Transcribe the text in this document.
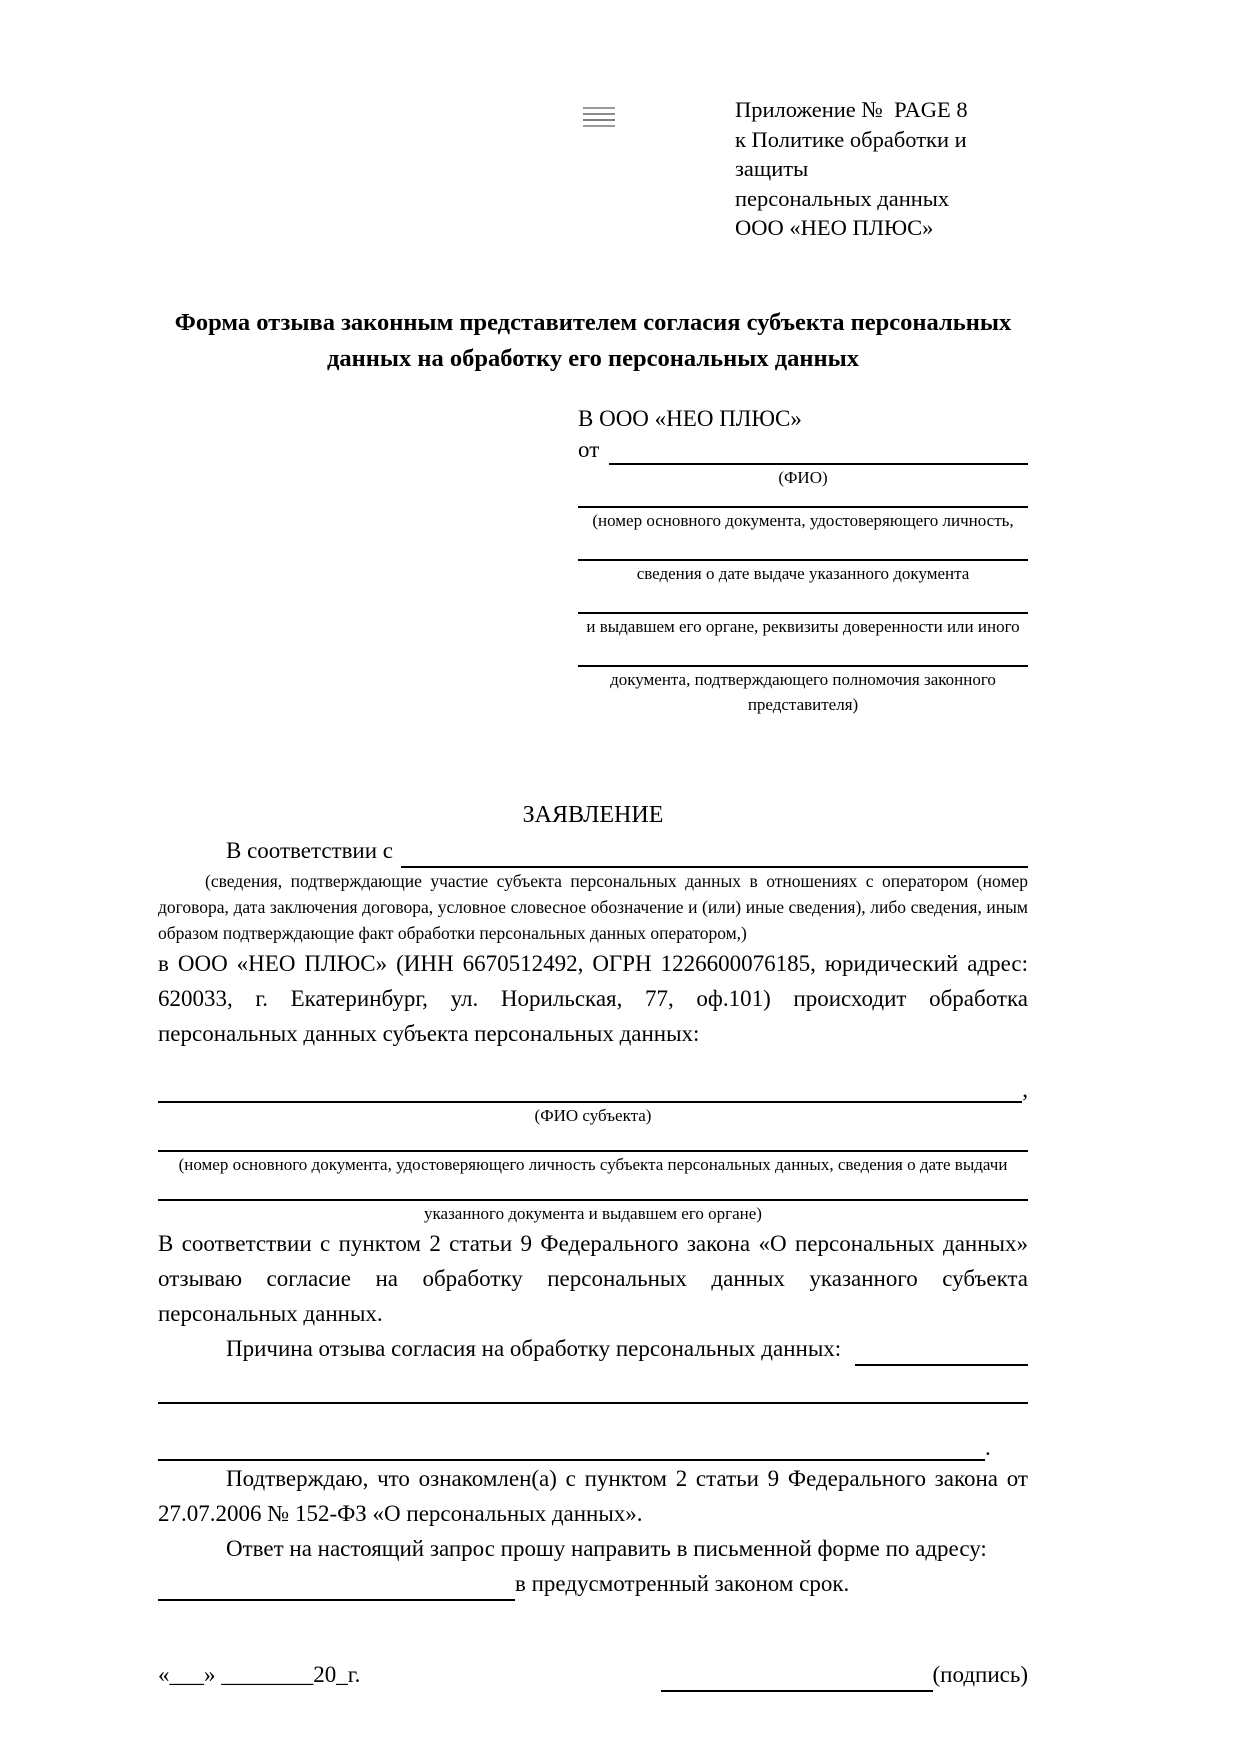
Приложение №  PAGE 8
к Политике обработки и защиты
персональных данных
ООО «НЕО ПЛЮС»
Форма отзыва законным представителем согласия субъекта персональных данных на обработку его персональных данных
В ООО «НЕО ПЛЮС»
от
(ФИО)
(номер основного документа, удостоверяющего личность,
сведения о дате выдаче указанного документа
и выдавшем его органе, реквизиты доверенности или иного
документа, подтверждающего полномочия законного представителя)
ЗАЯВЛЕНИЕ
В соответствии с
(сведения, подтверждающие участие субъекта персональных данных в отношениях с оператором (номер договора, дата заключения договора, условное словесное обозначение и (или) иные сведения), либо сведения, иным образом подтверждающие факт обработки персональных данных оператором,)
в ООО «НЕО ПЛЮС» (ИНН 6670512492, ОГРН 1226600076185, юридический адрес: 620033, г. Екатеринбург, ул. Норильская, 77, оф.101) происходит обработка персональных данных субъекта персональных данных:
,
(ФИО субъекта)
(номер основного документа, удостоверяющего личность субъекта персональных данных, сведения о дате выдачи
указанного документа и выдавшем его органе)
В соответствии с пунктом 2 статьи 9 Федерального закона «О персональных данных» отзываю согласие на обработку персональных данных указанного субъекта персональных данных.
Причина отзыва согласия на обработку персональных данных:
.
Подтверждаю, что ознакомлен(а) с пунктом 2 статьи 9 Федерального закона от 27.07.2006 № 152-ФЗ «О персональных данных».
Ответ на настоящий запрос прошу направить в письменной форме по адресу:
в предусмотренный законом срок.
«___» ________20_г.	(подпись)
